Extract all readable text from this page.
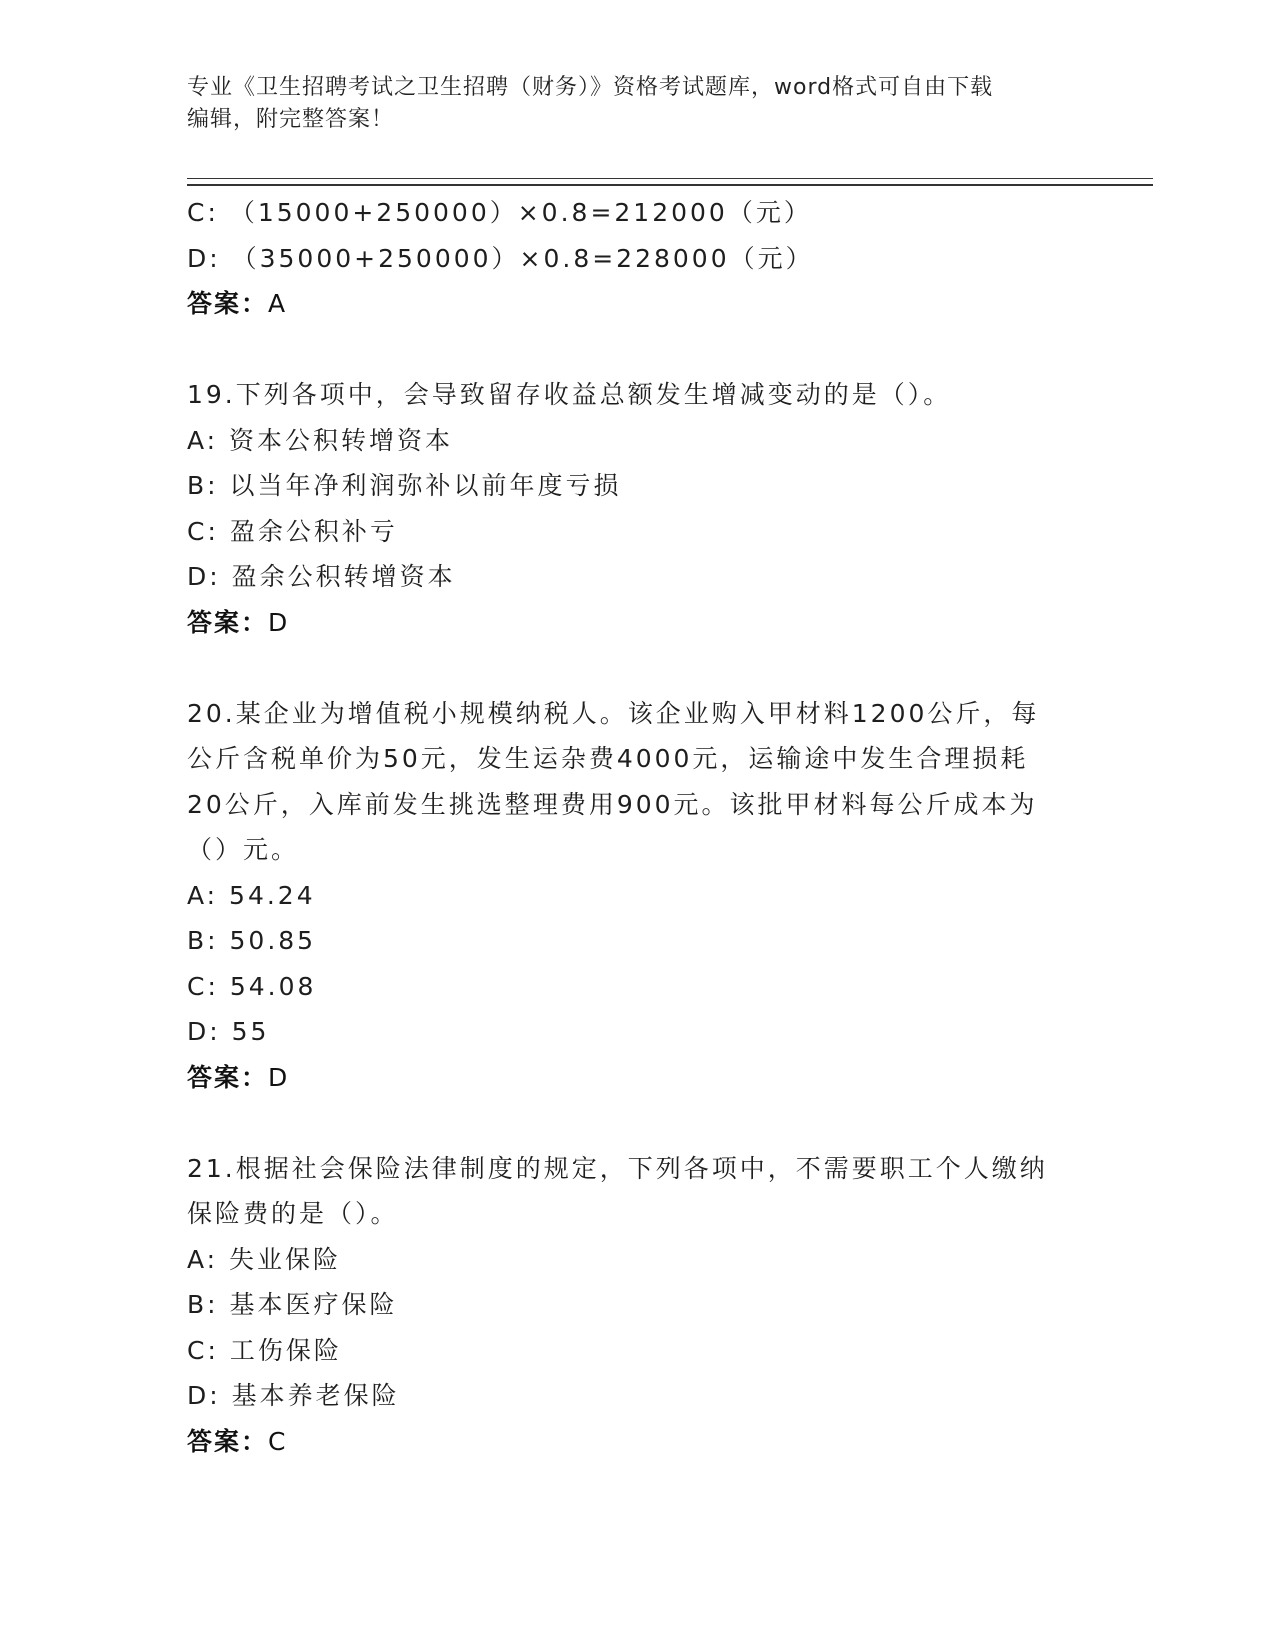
专业《卫生招聘考试之卫生招聘（财务）》资格考试题库，word格式可自由下载
编辑，附完整答案！
C: （15000+250000）×0.8=212000（元）
D: （35000+250000）×0.8=228000（元）
答案：A
19.下列各项中，会导致留存收益总额发生增减变动的是（）。
A: 资本公积转增资本
B: 以当年净利润弥补以前年度亏损
C: 盈余公积补亏
D: 盈余公积转增资本
答案：D
20.某企业为增值税小规模纳税人。该企业购入甲材料1200公斤，每
公斤含税单价为50元，发生运杂费4000元，运输途中发生合理损耗
20公斤，入库前发生挑选整理费用900元。该批甲材料每公斤成本为
（）元。
A: 54.24
B: 50.85
C: 54.08
D: 55
答案：D
21.根据社会保险法律制度的规定，下列各项中，不需要职工个人缴纳
保险费的是（）。
A: 失业保险
B: 基本医疗保险
C: 工伤保险
D: 基本养老保险
答案：C
